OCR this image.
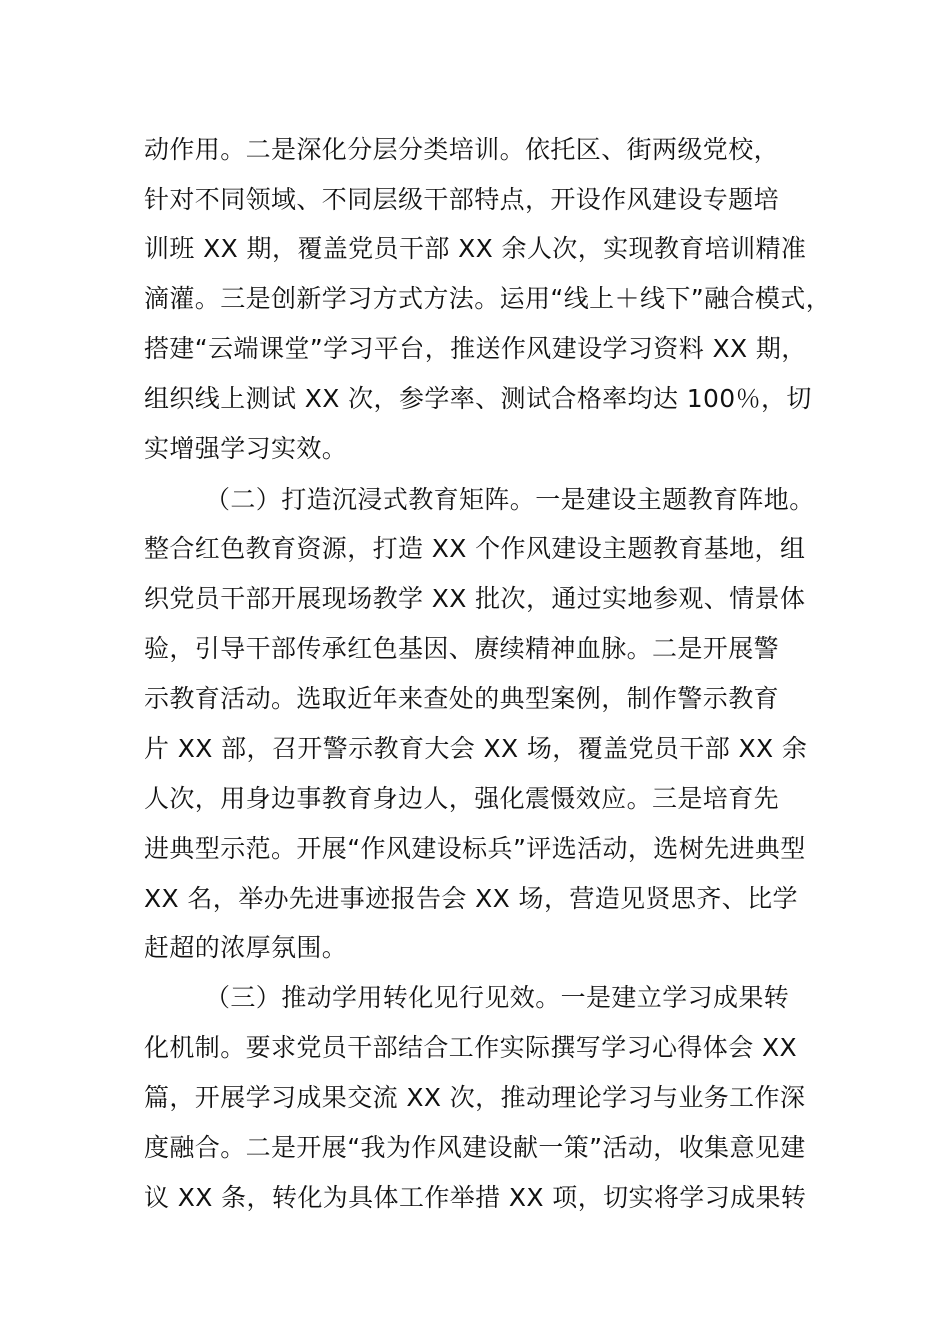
动作用。二是深化分层分类培训。依托区、街两级党校，
针对不同领域、不同层级干部特点，开设作风建设专题培
训班 XX 期，覆盖党员干部 XX 余人次，实现教育培训精准
滴灌。三是创新学习方式方法。运用“线上＋线下”融合模式，
搭建“云端课堂”学习平台，推送作风建设学习资料 XX 期，
组织线上测试 XX 次，参学率、测试合格率均达 100％，切
实增强学习实效。
（二）打造沉浸式教育矩阵。一是建设主题教育阵地。
整合红色教育资源，打造 XX 个作风建设主题教育基地，组
织党员干部开展现场教学 XX 批次，通过实地参观、情景体
验，引导干部传承红色基因、赓续精神血脉。二是开展警
示教育活动。选取近年来查处的典型案例，制作警示教育
片 XX 部，召开警示教育大会 XX 场，覆盖党员干部 XX 余
人次，用身边事教育身边人，强化震慑效应。三是培育先
进典型示范。开展“作风建设标兵”评选活动，选树先进典型
XX 名，举办先进事迹报告会 XX 场，营造见贤思齐、比学
赶超的浓厚氛围。
（三）推动学用转化见行见效。一是建立学习成果转
化机制。要求党员干部结合工作实际撰写学习心得体会 XX
篇，开展学习成果交流 XX 次，推动理论学习与业务工作深
度融合。二是开展“我为作风建设献一策”活动，收集意见建
议 XX 条，转化为具体工作举措 XX 项，切实将学习成果转
